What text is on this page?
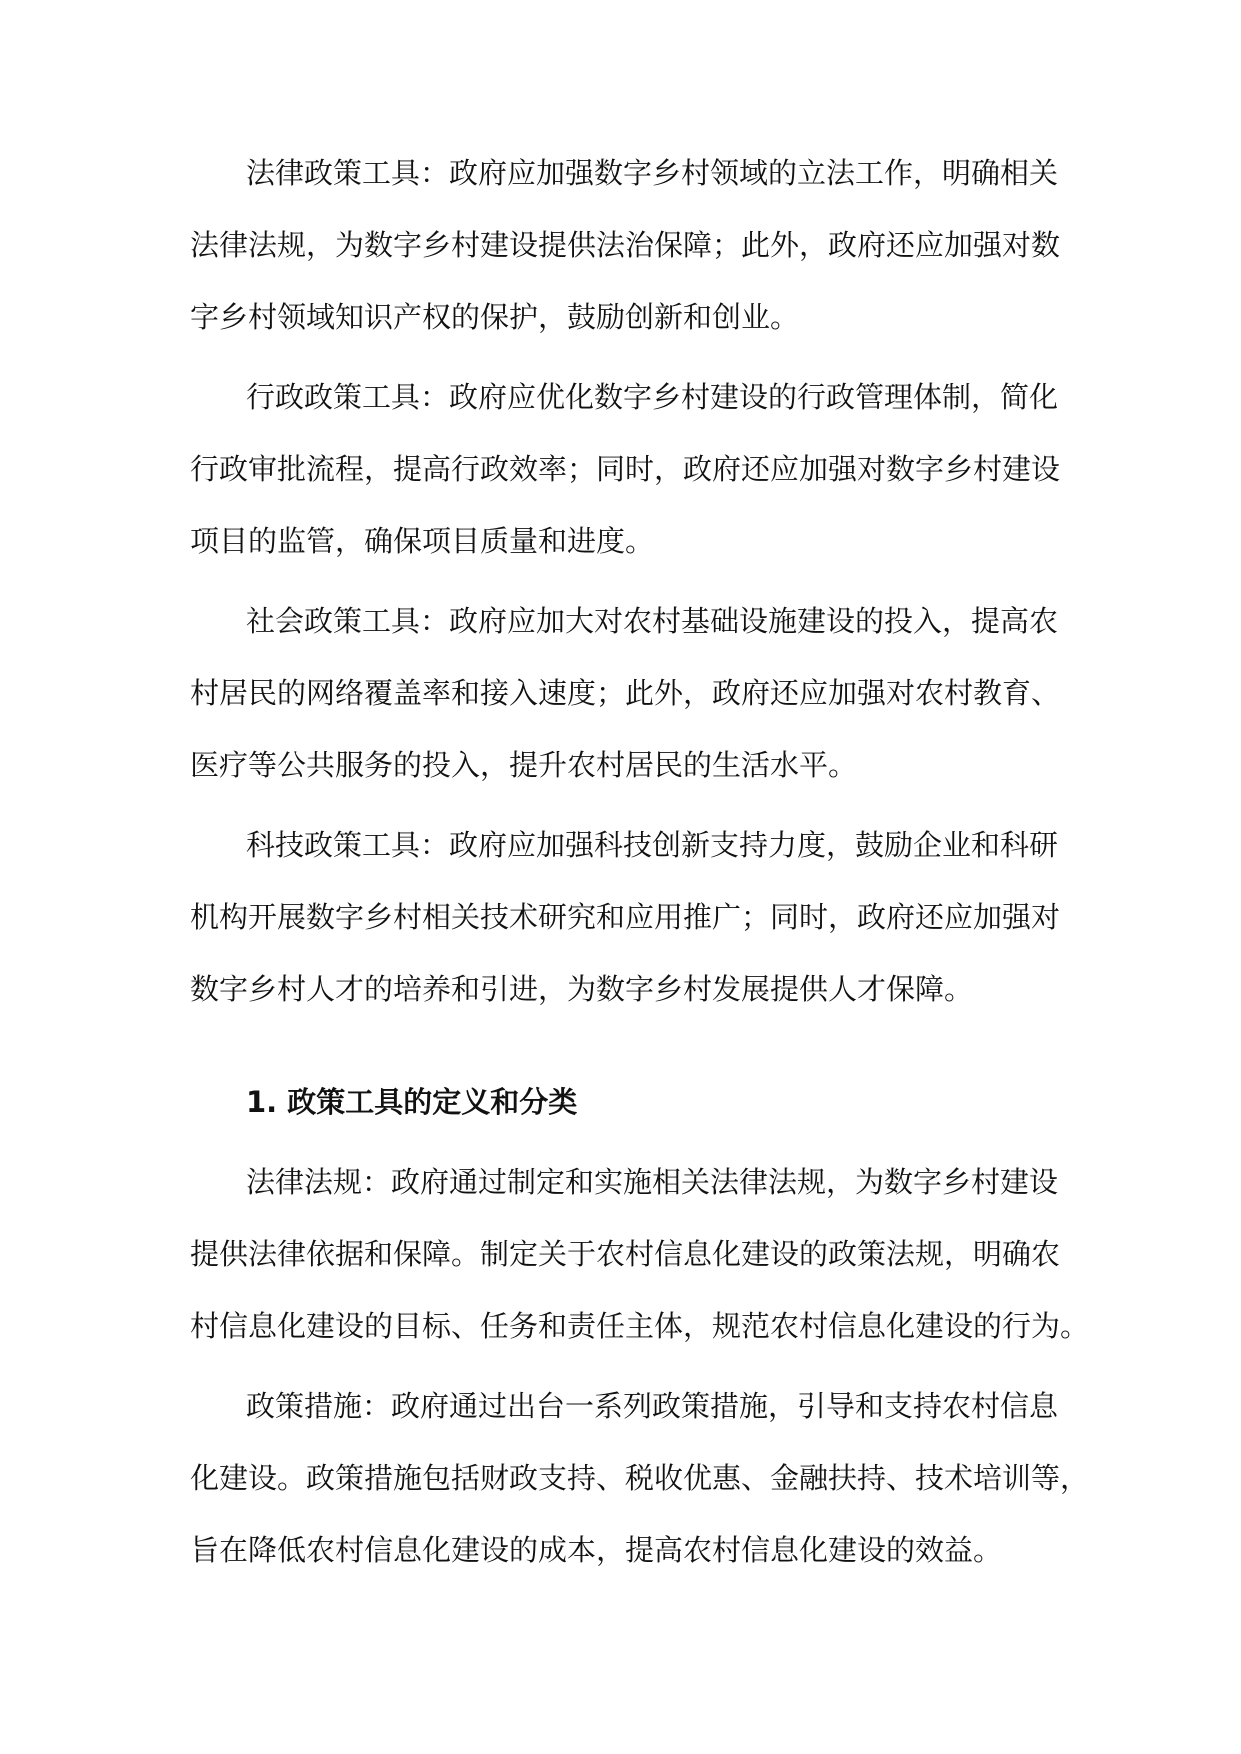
法律政策工具：政府应加强数字乡村领域的立法工作，明确相关
法律法规，为数字乡村建设提供法治保障；此外，政府还应加强对数
字乡村领域知识产权的保护，鼓励创新和创业。
行政政策工具：政府应优化数字乡村建设的行政管理体制，简化
行政审批流程，提高行政效率；同时，政府还应加强对数字乡村建设
项目的监管，确保项目质量和进度。
社会政策工具：政府应加大对农村基础设施建设的投入，提高农
村居民的网络覆盖率和接入速度；此外，政府还应加强对农村教育、
医疗等公共服务的投入，提升农村居民的生活水平。
科技政策工具：政府应加强科技创新支持力度，鼓励企业和科研
机构开展数字乡村相关技术研究和应用推广；同时，政府还应加强对
数字乡村人才的培养和引进，为数字乡村发展提供人才保障。
1. 政策工具的定义和分类
法律法规：政府通过制定和实施相关法律法规，为数字乡村建设
提供法律依据和保障。制定关于农村信息化建设的政策法规，明确农
村信息化建设的目标、任务和责任主体，规范农村信息化建设的行为。
政策措施：政府通过出台一系列政策措施，引导和支持农村信息
化建设。政策措施包括财政支持、税收优惠、金融扶持、技术培训等，
旨在降低农村信息化建设的成本，提高农村信息化建设的效益。
